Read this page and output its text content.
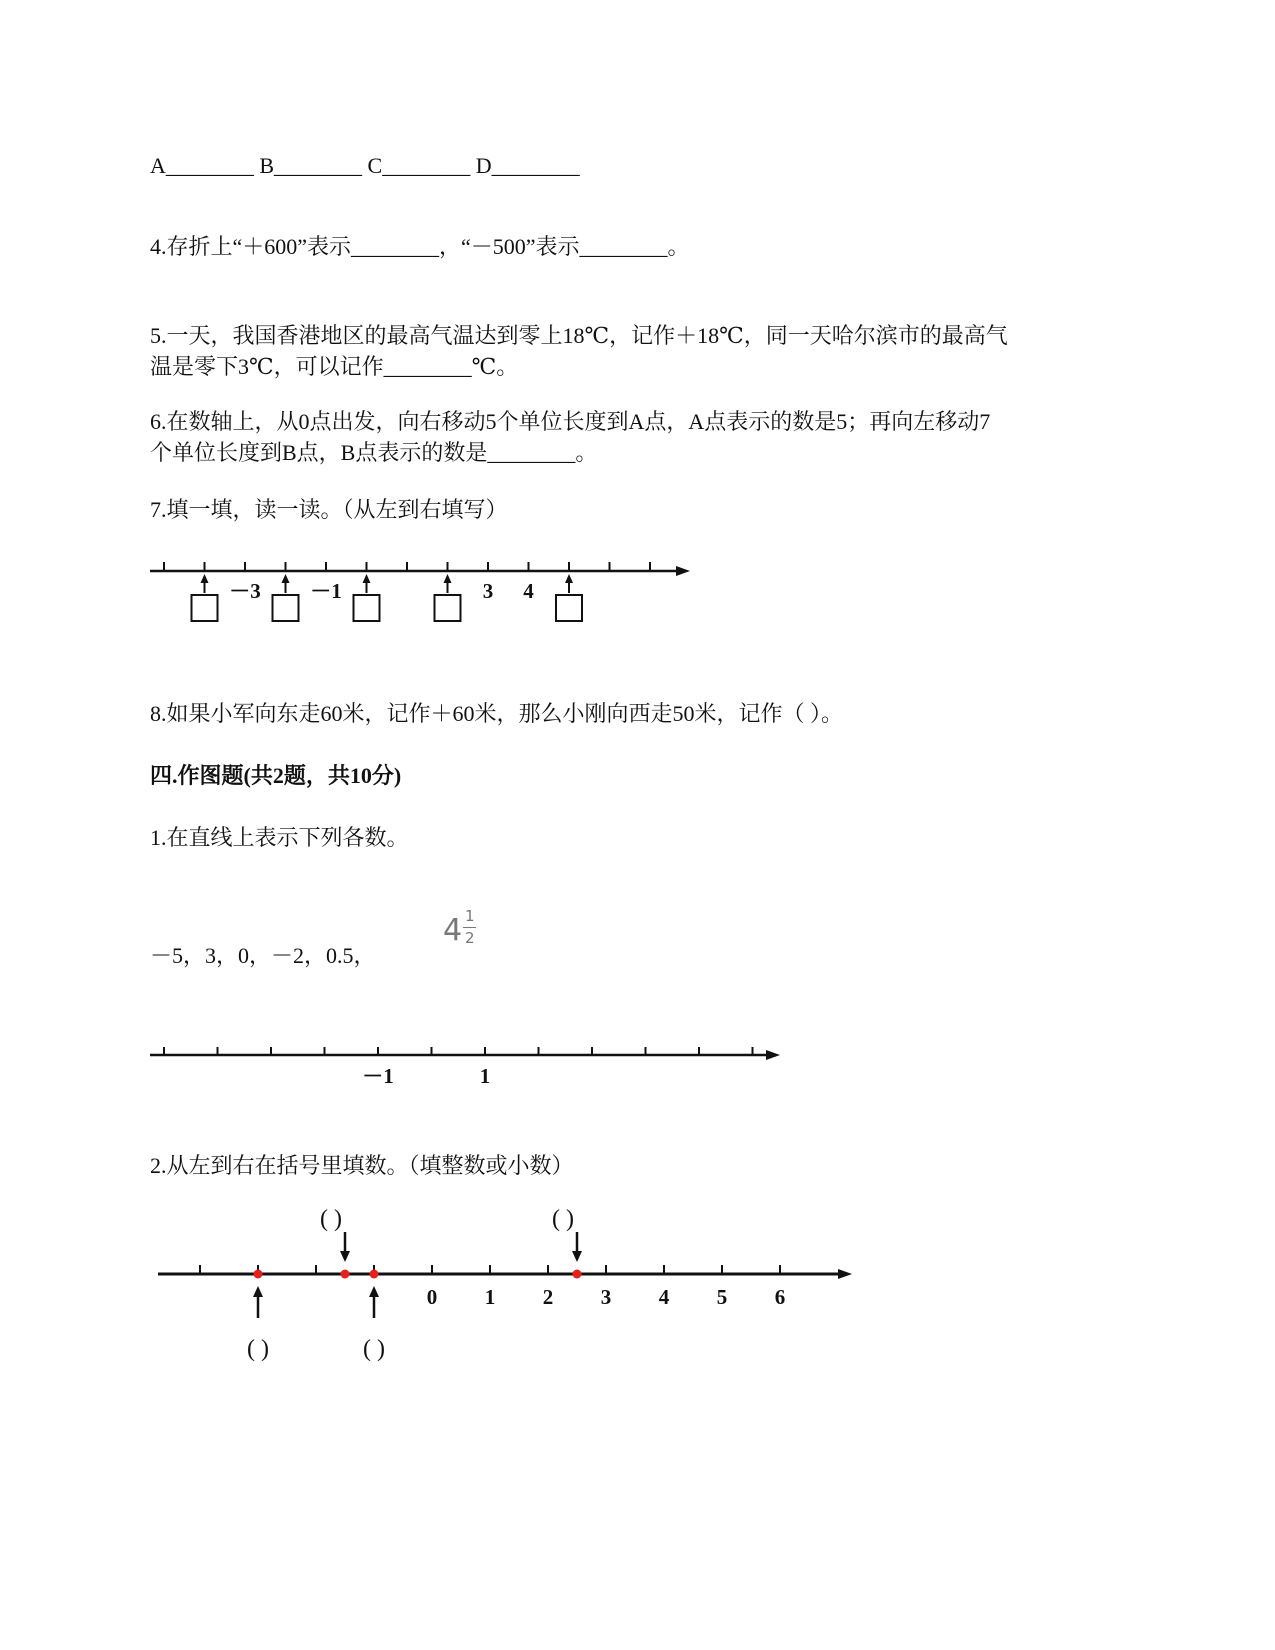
A________ B________ C________ D________
4.存折上“＋600”表示________，“－500”表示________。
5.一天，我国香港地区的最高气温达到零上18℃，记作＋18℃，同一天哈尔滨市的最高气
温是零下3℃，可以记作________℃。
6.在数轴上，从0点出发，向右移动5个单位长度到A点，A点表示的数是5；再向左移动7
个单位长度到B点，B点表示的数是________。
7.填一填，读一读。（从左到右填写）
－3 －1	3 4
8.如果小军向东走60米，记作＋60米，那么小刚向西走50米，记作（ ）。
四.作图题(共2题，共10分)
1.在直线上表示下列各数。
－5，3，0，－2，0.5，
4 1
2
－1	1
2.从左到右在括号里填数。（填整数或小数）
0 1 2 3 4 5 6
( )
( )
( )
( )
